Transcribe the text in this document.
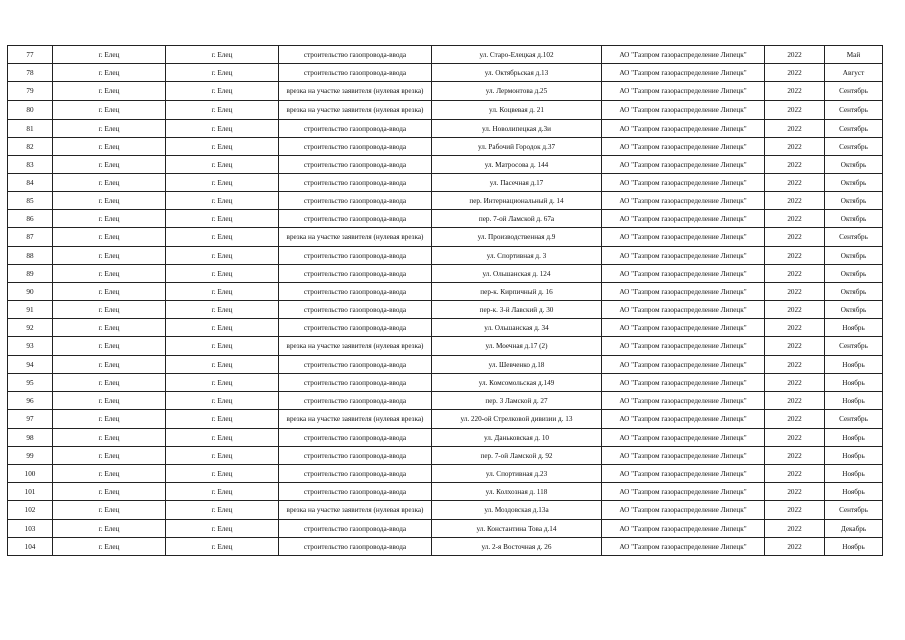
77	г. Елец	г. Елец	строительство газопровода-ввода	ул. Старо-Елецкая д.102	АО "Газпром газораспределение Липецк"	2022	Май
78	г. Елец	г. Елец	строительство газопровода-ввода	ул. Октябрьская д.13	АО "Газпром газораспределение Липецк"	2022	Август
79	г. Елец	г. Елец	врезка на участке заявителя (нулевая врезка)	ул. Лермонтова д.25	АО "Газпром газораспределение Липецк"	2022	Сентябрь
80	г. Елец	г. Елец	врезка на участке заявителя (нулевая врезка)	ул. Коцвевая д. 21	АО "Газпром газораспределение Липецк"	2022	Сентябрь
81	г. Елец	г. Елец	строительство газопровода-ввода	ул. Новолипецкая д.3и	АО "Газпром газораспределение Липецк"	2022	Сентябрь
82	г. Елец	г. Елец	строительство газопровода-ввода	ул. Рабочий Городок д.37	АО "Газпром газораспределение Липецк"	2022	Сентябрь
83	г. Елец	г. Елец	строительство газопровода-ввода	ул. Матросова д. 144	АО "Газпром газораспределение Липецк"	2022	Октябрь
84	г. Елец	г. Елец	строительство газопровода-ввода	ул. Пасечная д.17	АО "Газпром газораспределение Липецк"	2022	Октябрь
85	г. Елец	г. Елец	строительство газопровода-ввода	пер. Интернациональный д. 14	АО "Газпром газораспределение Липецк"	2022	Октябрь
86	г. Елец	г. Елец	строительство газопровода-ввода	пер. 7-ой Ламской д. 67а	АО "Газпром газораспределение Липецк"	2022	Октябрь
87	г. Елец	г. Елец	врезка на участке заявителя (нулевая врезка)	ул. Производственная д.9	АО "Газпром газораспределение Липецк"	2022	Сентябрь
88	г. Елец	г. Елец	строительство газопровода-ввода	ул. Спортивная д. 3	АО "Газпром газораспределение Липецк"	2022	Октябрь
89	г. Елец	г. Елец	строительство газопровода-ввода	ул. Ольшанская д. 124	АО "Газпром газораспределение Липецк"	2022	Октябрь
90	г. Елец	г. Елец	строительство газопровода-ввода	пер-к. Кирпичный д. 16	АО "Газпром газораспределение Липецк"	2022	Октябрь
91	г. Елец	г. Елец	строительство газопровода-ввода	пер-к. 3-й Лавский д. 30	АО "Газпром газораспределение Липецк"	2022	Октябрь
92	г. Елец	г. Елец	строительство газопровода-ввода	ул. Ольшанская д. 34	АО "Газпром газораспределение Липецк"	2022	Ноябрь
93	г. Елец	г. Елец	врезка на участке заявителя (нулевая врезка)	ул. Моечная д.17 (2)	АО "Газпром газораспределение Липецк"	2022	Сентябрь
94	г. Елец	г. Елец	строительство газопровода-ввода	ул. Шевченко д.18	АО "Газпром газораспределение Липецк"	2022	Ноябрь
95	г. Елец	г. Елец	строительство газопровода-ввода	ул. Комсомольская д.149	АО "Газпром газораспределение Липецк"	2022	Ноябрь
96	г. Елец	г. Елец	строительство газопровода-ввода	пер. 3 Ламской д. 27	АО "Газпром газораспределение Липецк"	2022	Ноябрь
97	г. Елец	г. Елец	врезка на участке заявителя (нулевая врезка)	ул. 220-ой Стрелковой дивизии д. 13	АО "Газпром газораспределение Липецк"	2022	Сентябрь
98	г. Елец	г. Елец	строительство газопровода-ввода	ул. Даньковская д. 10	АО "Газпром газораспределение Липецк"	2022	Ноябрь
99	г. Елец	г. Елец	строительство газопровода-ввода	пер. 7-ой Ламской д. 92	АО "Газпром газораспределение Липецк"	2022	Ноябрь
100	г. Елец	г. Елец	строительство газопровода-ввода	ул. Спортивная д.23	АО "Газпром газораспределение Липецк"	2022	Ноябрь
101	г. Елец	г. Елец	строительство газопровода-ввода	ул. Колхозная д. 118	АО "Газпром газораспределение Липецк"	2022	Ноябрь
102	г. Елец	г. Елец	врезка на участке заявителя (нулевая врезка)	ул. Моздовская д.13а	АО "Газпром газораспределение Липецк"	2022	Сентябрь
103	г. Елец	г. Елец	строительство газопровода-ввода	ул. Константина Това д.14	АО "Газпром газораспределение Липецк"	2022	Декабрь
104	г. Елец	г. Елец	строительство газопровода-ввода	ул. 2-я Восточная д. 26	АО "Газпром газораспределение Липецк"	2022	Ноябрь
